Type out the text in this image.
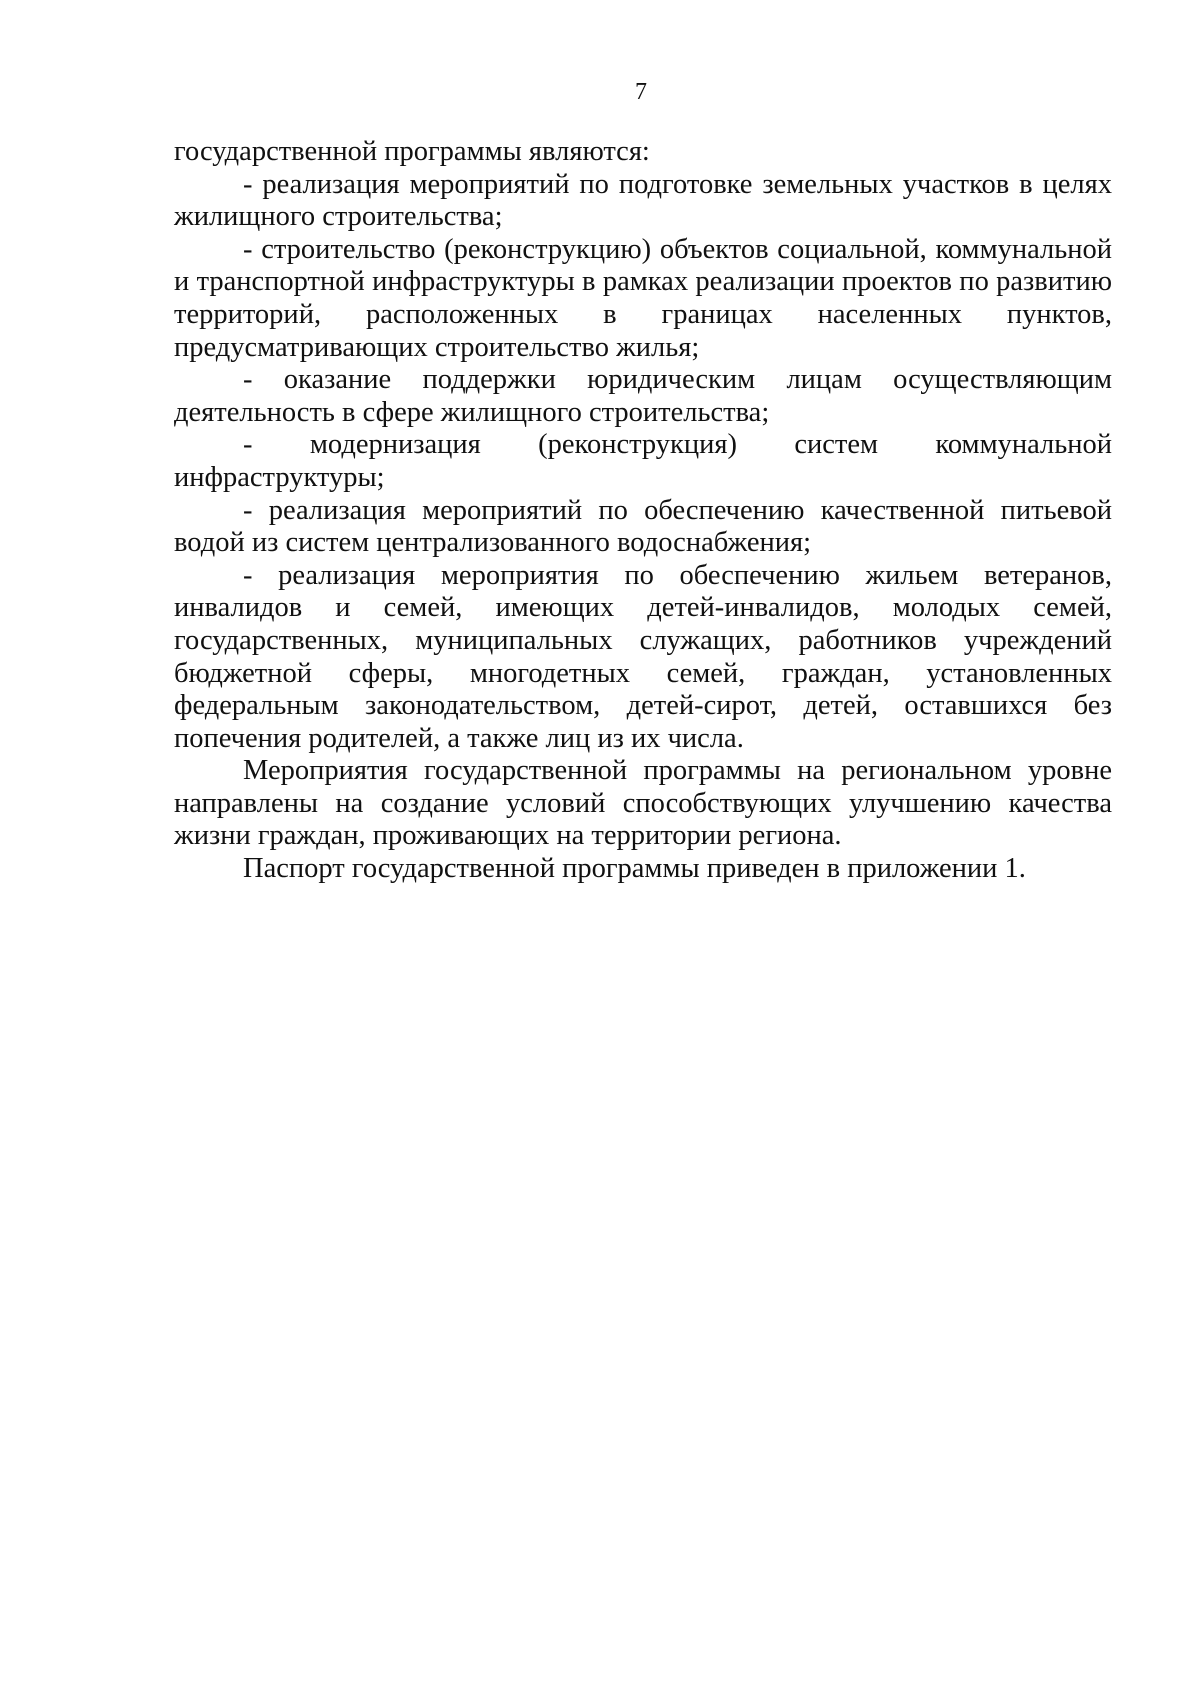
7

государственной программы являются:

- реализация мероприятий по подготовке земельных участков в целях жилищного строительства;

- строительство (реконструкцию) объектов социальной, коммунальной и транспортной инфраструктуры в рамках реализации проектов по развитию территорий, расположенных в границах населенных пунктов, предусматривающих строительство жилья;

- оказание поддержки юридическим лицам осуществляющим деятельность в сфере жилищного строительства;

- модернизация (реконструкция) систем коммунальной инфраструктуры;

- реализация мероприятий по обеспечению качественной питьевой водой из систем централизованного водоснабжения;

- реализация мероприятия по обеспечению жильем ветеранов, инвалидов и семей, имеющих детей-инвалидов, молодых семей, государственных, муниципальных служащих, работников учреждений бюджетной сферы, многодетных семей, граждан, установленных федеральным законодательством, детей-сирот, детей, оставшихся без попечения родителей, а также лиц из их числа.

Мероприятия государственной программы на региональном уровне направлены на создание условий способствующих улучшению качества жизни граждан, проживающих на территории региона.

Паспорт государственной программы приведен в приложении 1.
